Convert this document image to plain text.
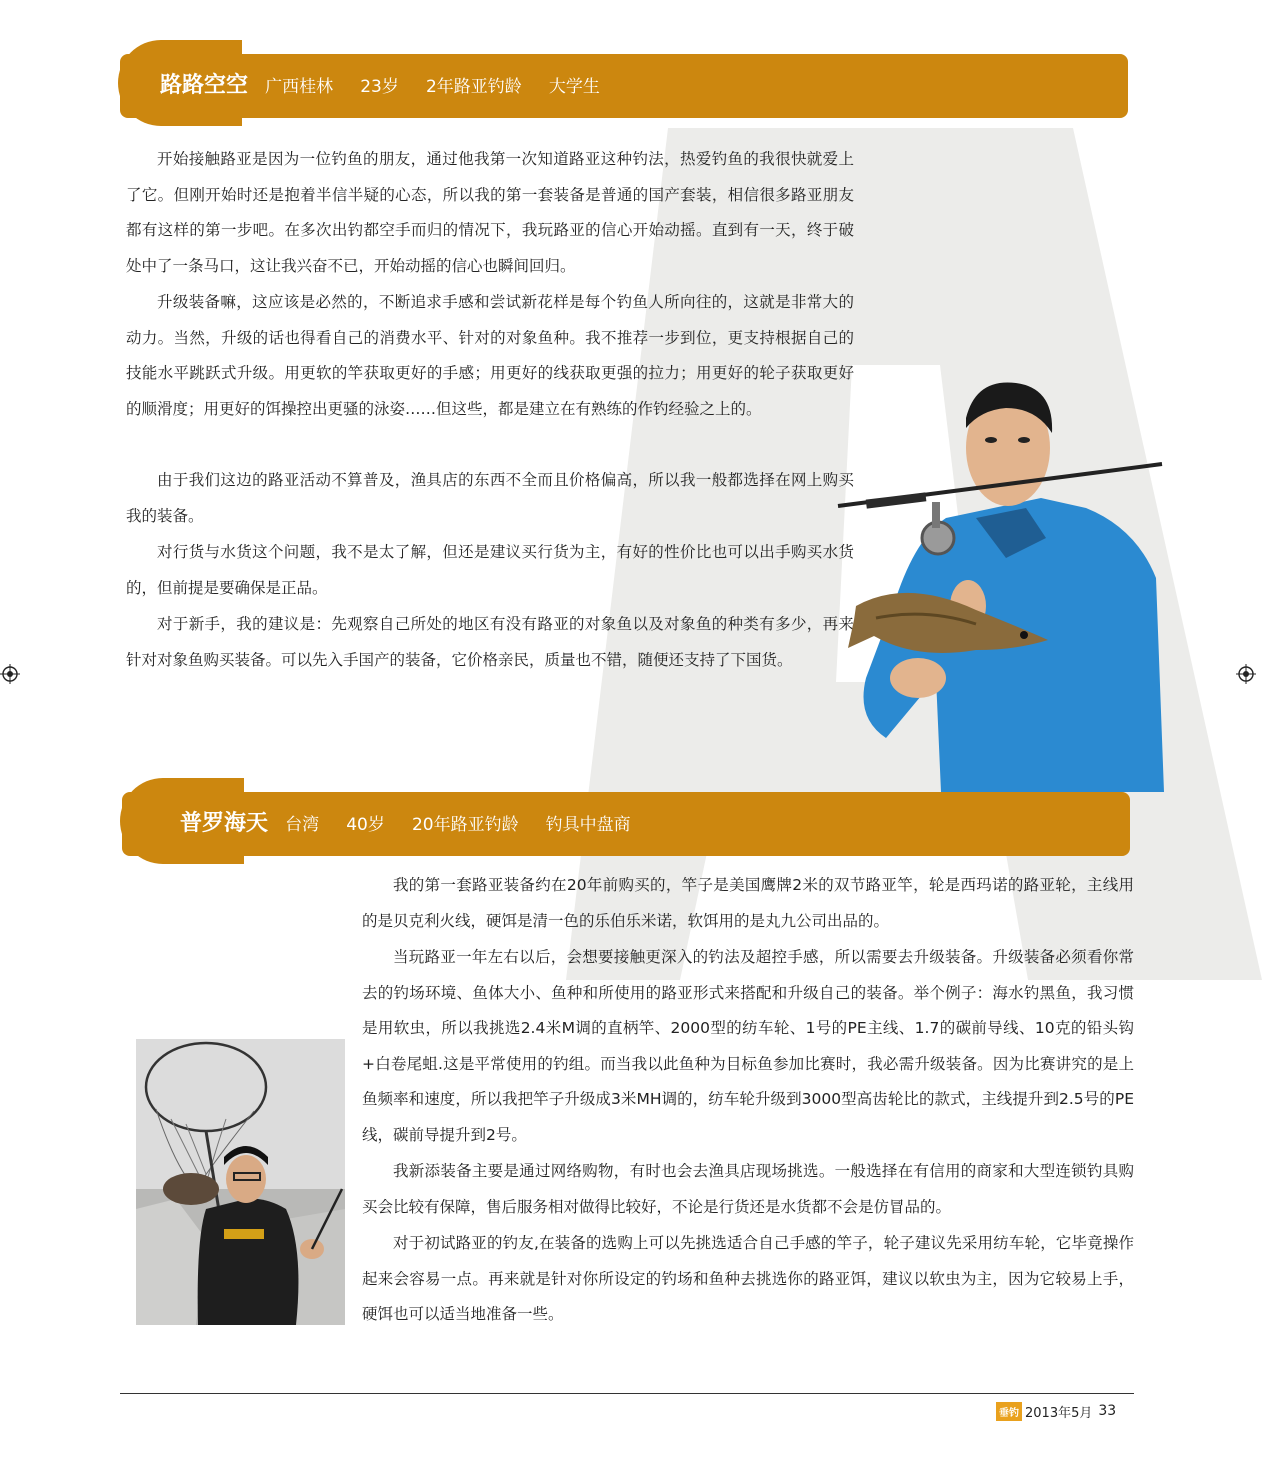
路路空空 广西桂林 23岁 2年路亚钓龄 大学生

开始接触路亚是因为一位钓鱼的朋友，通过他我第一次知道路亚这种钓法，热爱钓鱼的我很快就爱上了它。但刚开始时还是抱着半信半疑的心态，所以我的第一套装备是普通的国产套装，相信很多路亚朋友都有这样的第一步吧。在多次出钓都空手而归的情况下，我玩路亚的信心开始动摇。直到有一天，终于破处中了一条马口，这让我兴奋不已，开始动摇的信心也瞬间回归。

升级装备嘛，这应该是必然的，不断追求手感和尝试新花样是每个钓鱼人所向往的，这就是非常大的动力。当然，升级的话也得看自己的消费水平、针对的对象鱼种。我不推荐一步到位，更支持根据自己的技能水平跳跃式升级。用更软的竿获取更好的手感；用更好的线获取更强的拉力；用更好的轮子获取更好的顺滑度；用更好的饵操控出更骚的泳姿……但这些，都是建立在有熟练的作钓经验之上的。

由于我们这边的路亚活动不算普及，渔具店的东西不全而且价格偏高，所以我一般都选择在网上购买我的装备。

对行货与水货这个问题，我不是太了解，但还是建议买行货为主，有好的性价比也可以出手购买水货的，但前提是要确保是正品。

对于新手，我的建议是：先观察自己所处的地区有没有路亚的对象鱼以及对象鱼的种类有多少，再来针对对象鱼购买装备。可以先入手国产的装备，它价格亲民，质量也不错，随便还支持了下国货。

普罗海天 台湾 40岁 20年路亚钓龄 钓具中盘商

我的第一套路亚装备约在20年前购买的，竿子是美国鹰牌2米的双节路亚竿，轮是西玛诺的路亚轮，主线用的是贝克利火线，硬饵是清一色的乐伯乐米诺，软饵用的是丸九公司出品的。

当玩路亚一年左右以后，会想要接触更深入的钓法及超控手感，所以需要去升级装备。升级装备必须看你常去的钓场环境、鱼体大小、鱼种和所使用的路亚形式来搭配和升级自己的装备。举个例子：海水钓黑鱼，我习惯是用软虫，所以我挑选2.4米M调的直柄竿、2000型的纺车轮、1号的PE主线、1.7的碳前导线、10克的铅头钩+白卷尾蛆.这是平常使用的钓组。而当我以此鱼种为目标鱼参加比赛时，我必需升级装备。因为比赛讲究的是上鱼频率和速度，所以我把竿子升级成3米MH调的，纺车轮升级到3000型高齿轮比的款式，主线提升到2.5号的PE线，碳前导提升到2号。

我新添装备主要是通过网络购物，有时也会去渔具店现场挑选。一般选择在有信用的商家和大型连锁钓具购买会比较有保障，售后服务相对做得比较好，不论是行货还是水货都不会是仿冒品的。

对于初试路亚的钓友,在装备的选购上可以先挑选适合自己手感的竿子，轮子建议先采用纺车轮，它毕竟操作起来会容易一点。再来就是针对你所设定的钓场和鱼种去挑选你的路亚饵，建议以软虫为主，因为它较易上手，硬饵也可以适当地准备一些。

垂钓 2013年5月 33
